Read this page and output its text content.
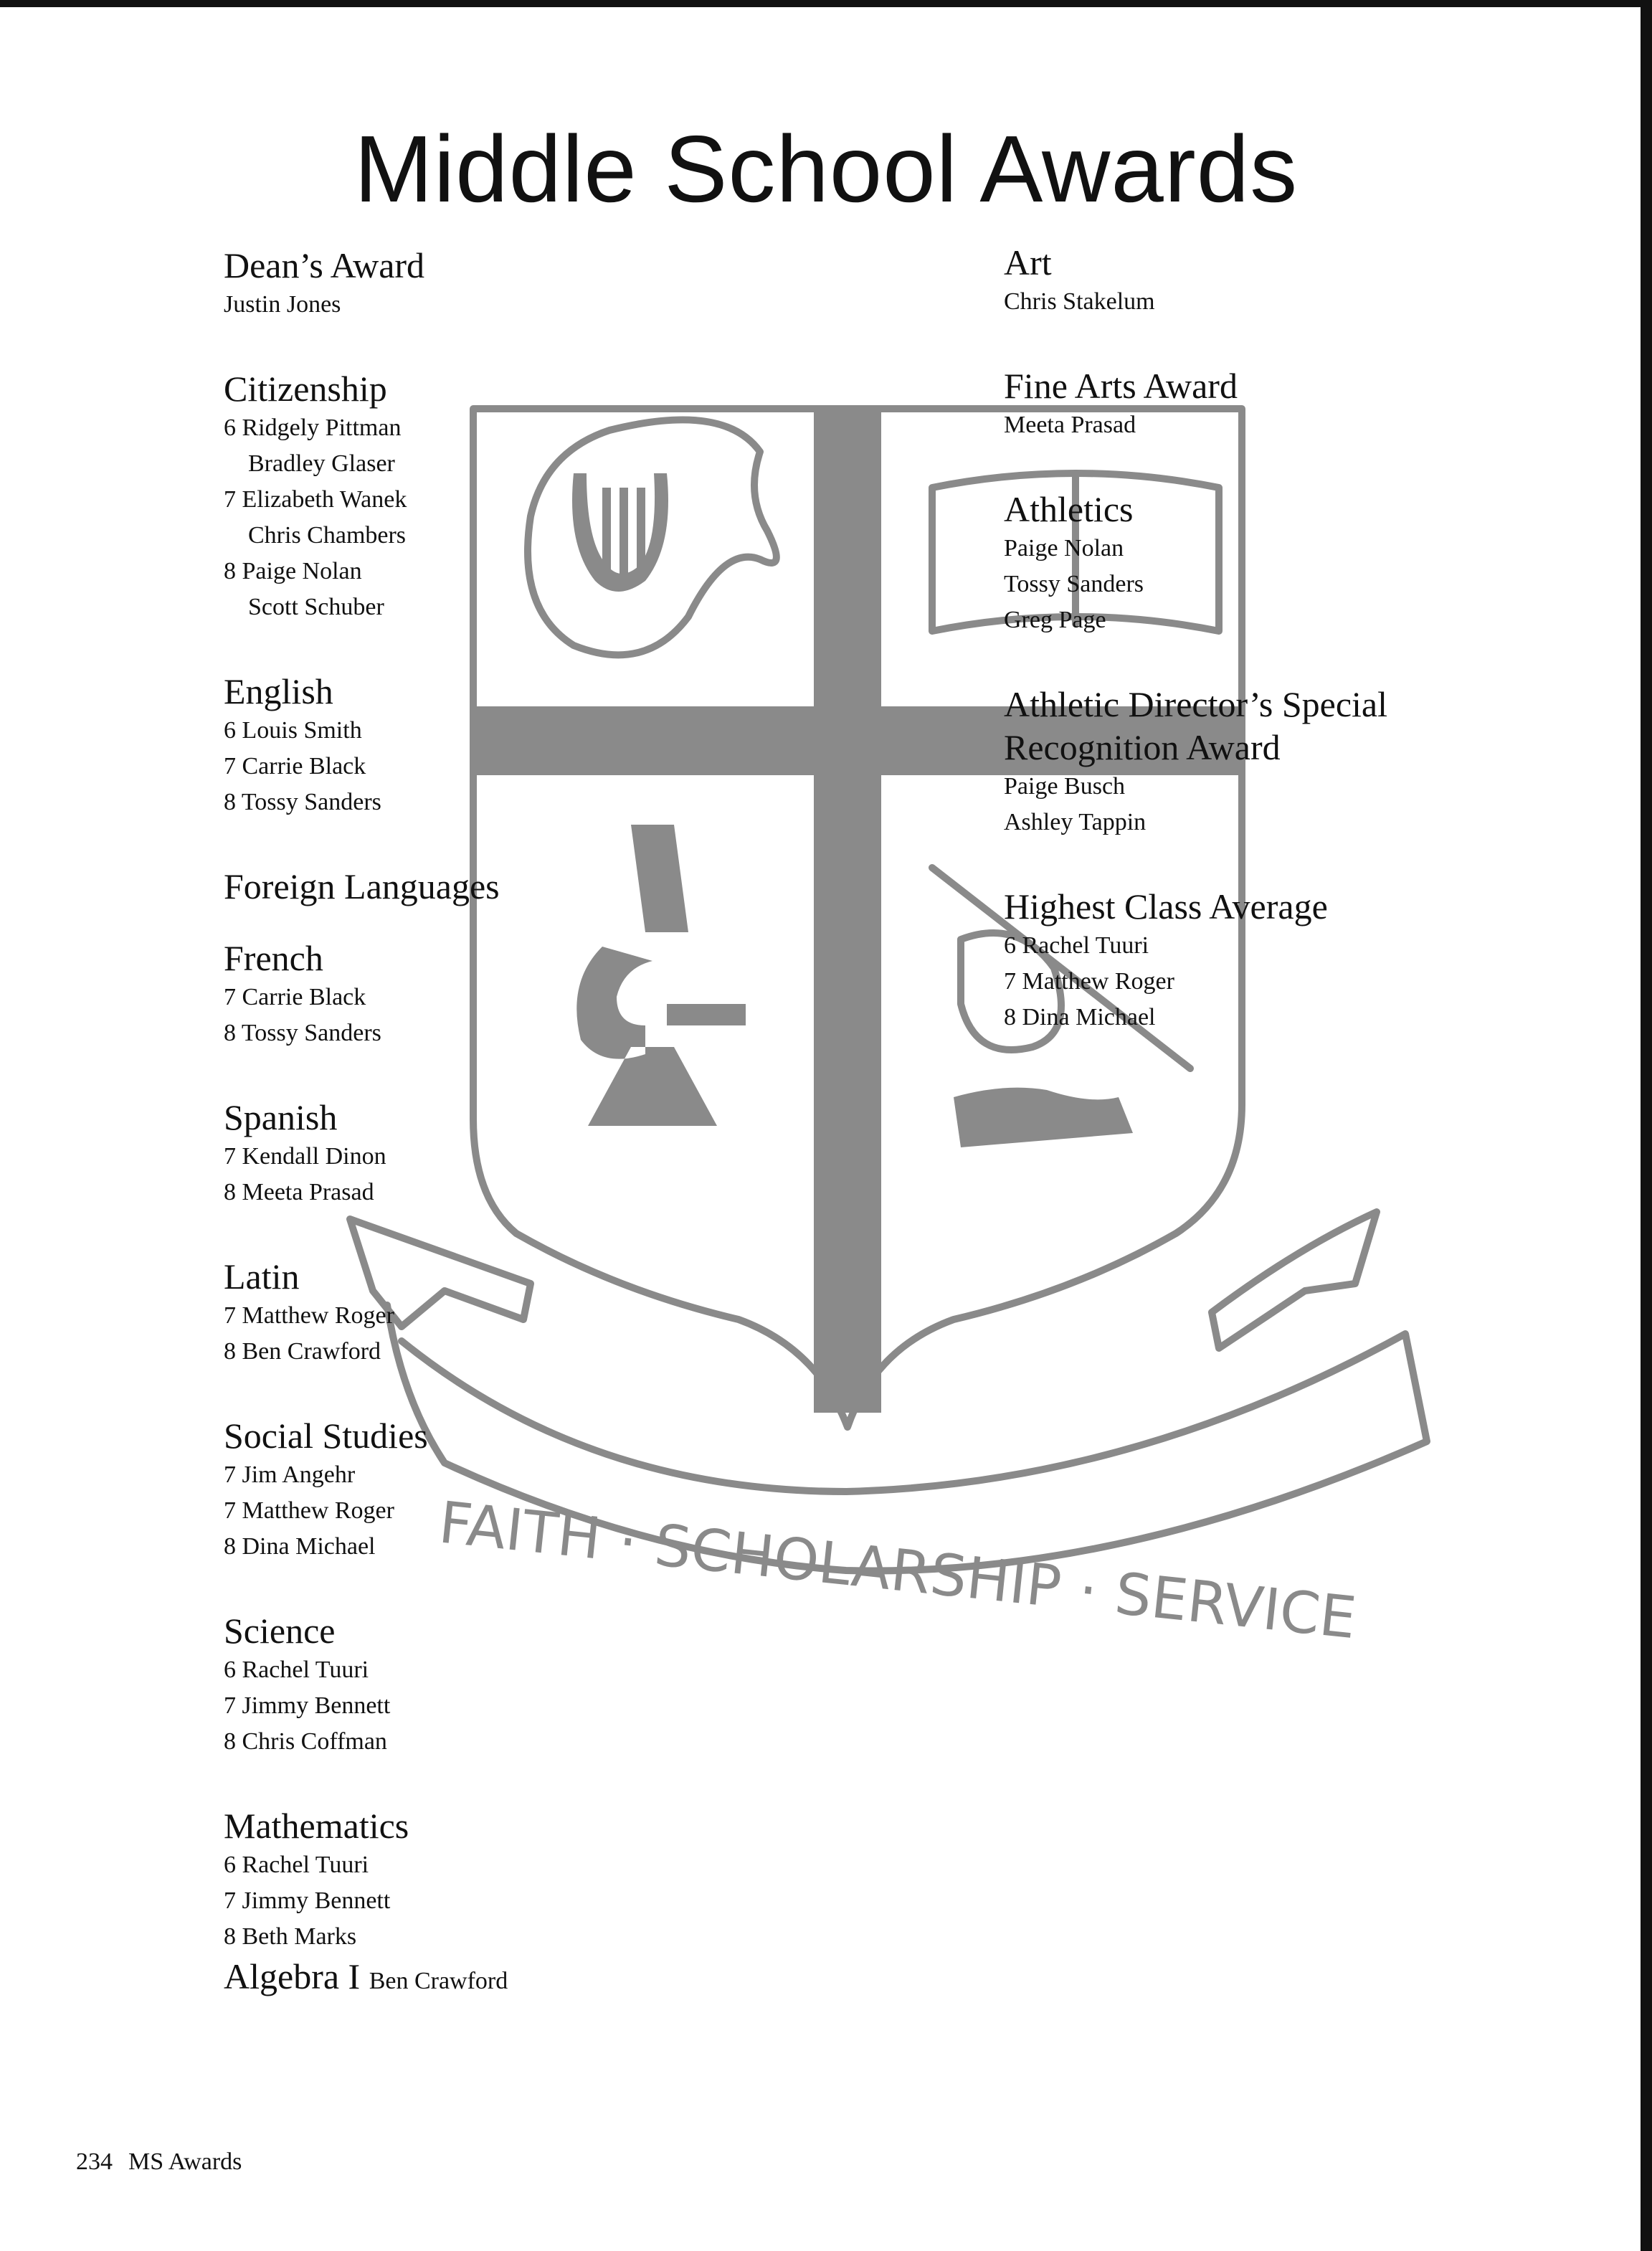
FAITH · SCHOLARSHIP · SERVICE
Middle School Awards

Dean’s Award

Justin Jones

Citizenship

6 Ridgely Pittman

Bradley Glaser

7 Elizabeth Wanek

Chris Chambers

8 Paige Nolan

Scott Schuber

English

6 Louis Smith

7 Carrie Black

8 Tossy Sanders

Foreign Languages

French

7 Carrie Black

8 Tossy Sanders

Spanish

7 Kendall Dinon

8 Meeta Prasad

Latin

7 Matthew Roger

8 Ben Crawford

Social Studies

7 Jim Angehr

7 Matthew Roger

8 Dina Michael

Science

6 Rachel Tuuri

7 Jimmy Bennett

8 Chris Coffman

Mathematics

6 Rachel Tuuri

7 Jimmy Bennett

8 Beth Marks

Algebra I Ben Crawford

Art

Chris Stakelum

Fine Arts Award

Meeta Prasad

Athletics

Paige Nolan

Tossy Sanders

Greg Page

Athletic Director’s Special

Recognition Award

Paige Busch

Ashley Tappin

Highest Class Average

6 Rachel Tuuri

7 Matthew Roger

8 Dina Michael

234 MS Awards
